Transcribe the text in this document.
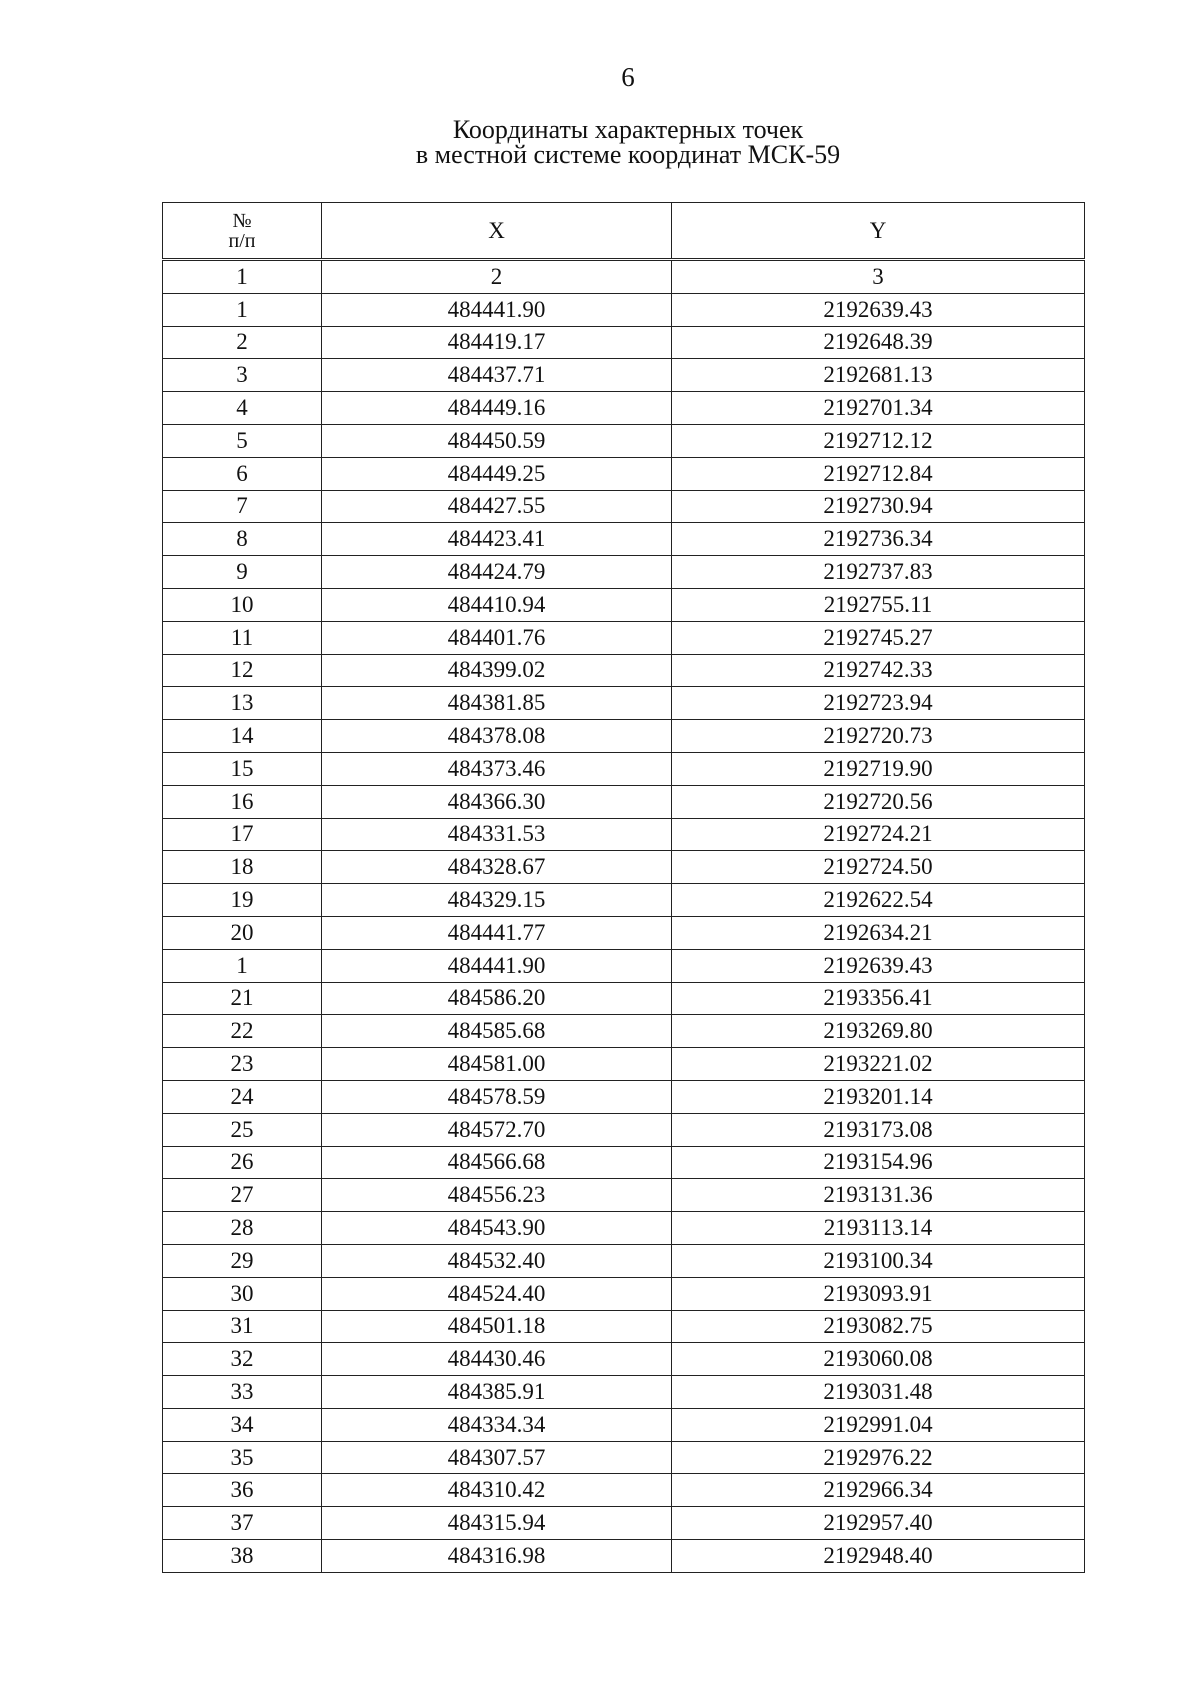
6
Координаты характерных точек
в местной системе координат МСК-59
№
п/п	X	Y
1	2	3
1	484441.90	2192639.43
2	484419.17	2192648.39
3	484437.71	2192681.13
4	484449.16	2192701.34
5	484450.59	2192712.12
6	484449.25	2192712.84
7	484427.55	2192730.94
8	484423.41	2192736.34
9	484424.79	2192737.83
10	484410.94	2192755.11
11	484401.76	2192745.27
12	484399.02	2192742.33
13	484381.85	2192723.94
14	484378.08	2192720.73
15	484373.46	2192719.90
16	484366.30	2192720.56
17	484331.53	2192724.21
18	484328.67	2192724.50
19	484329.15	2192622.54
20	484441.77	2192634.21
1	484441.90	2192639.43
21	484586.20	2193356.41
22	484585.68	2193269.80
23	484581.00	2193221.02
24	484578.59	2193201.14
25	484572.70	2193173.08
26	484566.68	2193154.96
27	484556.23	2193131.36
28	484543.90	2193113.14
29	484532.40	2193100.34
30	484524.40	2193093.91
31	484501.18	2193082.75
32	484430.46	2193060.08
33	484385.91	2193031.48
34	484334.34	2192991.04
35	484307.57	2192976.22
36	484310.42	2192966.34
37	484315.94	2192957.40
38	484316.98	2192948.40
